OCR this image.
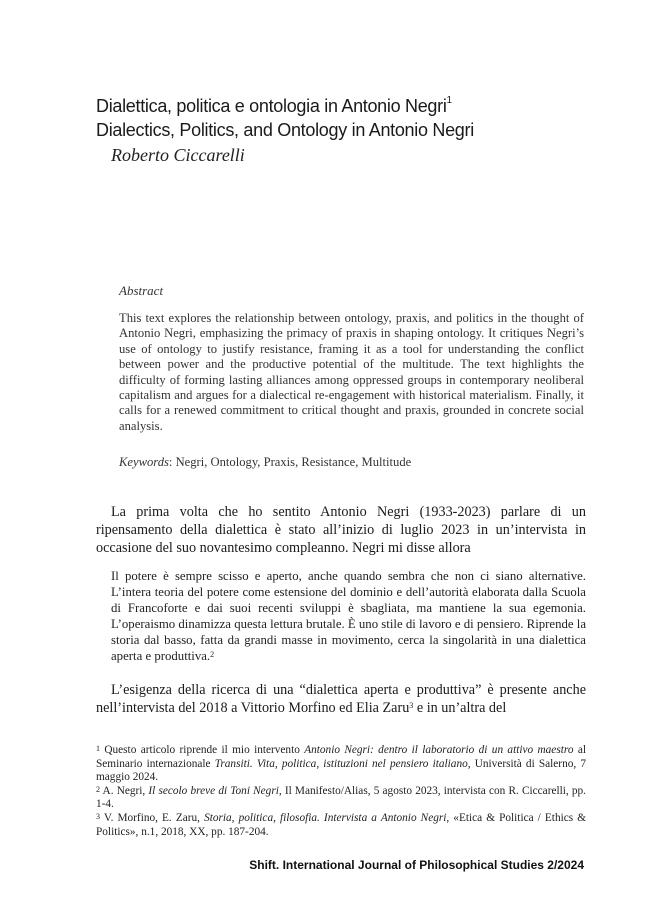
Dialettica, politica e ontologia in Antonio Negri$^1$
Dialectics, Politics, and Ontology in Antonio Negri
Roberto Ciccarelli
Abstract
This text explores the relationship between ontology, praxis, and politics in the thought of Antonio Negri, emphasizing the primacy of praxis in shaping ontology. It critiques Negri’s use of ontology to justify resistance, framing it as a tool for understanding the conflict between power and the productive potential of the multitude. The text highlights the difficulty of forming lasting alliances among oppressed groups in contemporary neoliberal capitalism and argues for a dialectical re-engagement with historical materialism. Finally, it calls for a renewed commitment to critical thought and praxis, grounded in concrete social analysis.
Keywords: Negri, Ontology, Praxis, Resistance, Multitude
La prima volta che ho sentito Antonio Negri (1933-2023) parlare di un ripensamento della dialettica è stato all’inizio di luglio 2023 in un’intervista in occasione del suo novantesimo compleanno. Negri mi disse allora
Il potere è sempre scisso e aperto, anche quando sembra che non ci siano alternative. L’intera teoria del potere come estensione del dominio e dell’autorità elaborata dalla Scuola di Francoforte e dai suoi recenti sviluppi è sbagliata, ma mantiene la sua egemonia. L’operaismo dinamizza questa lettura brutale. È uno stile di lavoro e di pensiero. Riprende la storia dal basso, fatta da grandi masse in movimento, cerca la singolarità in una dialettica aperta e produttiva.$^2$
L’esigenza della ricerca di una “dialettica aperta e produttiva” è presente anche nell’intervista del 2018 a Vittorio Morfino ed Elia Zaru$^3$ e in un’altra del

$^1$ Questo articolo riprende il mio intervento Antonio Negri: dentro il laboratorio di un attivo maestro al Seminario internazionale Transiti. Vita, politica, istituzioni nel pensiero italiano, Università di Salerno, 7 maggio 2024.

$^2$ A. Negri, Il secolo breve di Toni Negri, Il Manifesto/Alias, 5 agosto 2023, intervista con R. Ciccarelli, pp. 1-4.

$^3$ V. Morfino, E. Zaru, Storia, politica, filosofia. Intervista a Antonio Negri, «Etica & Politica / Ethics & Politics», n.1, 2018, XX, pp. 187-204.

Shift. International Journal of Philosophical Studies 2/2024
